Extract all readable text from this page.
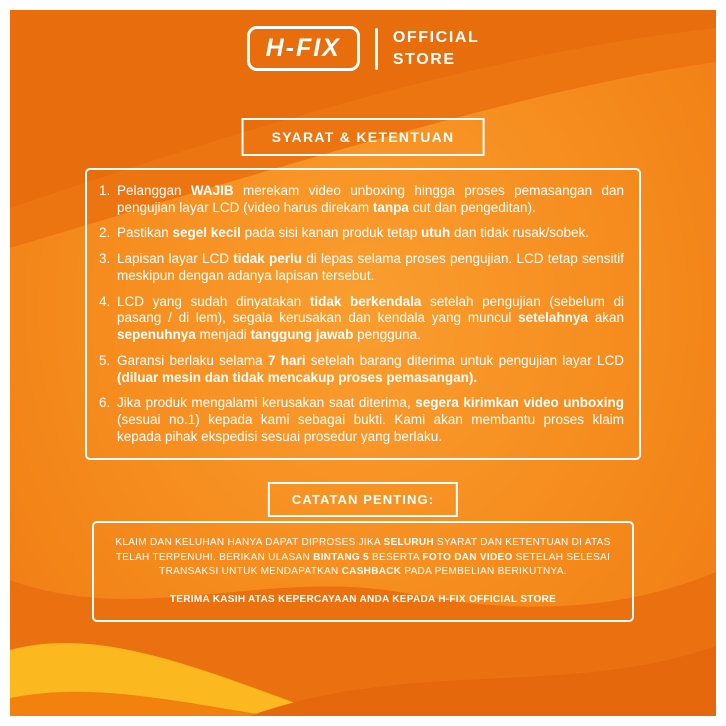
H-FIX	OFFICIAL
STORE
SYARAT & KETENTUAN
1. Pelanggan WAJIB merekam video unboxing hingga proses pemasangan dan pengujian layar LCD (video harus direkam tanpa cut dan pengeditan).

2. Pastikan segel kecil pada sisi kanan produk tetap utuh dan tidak rusak/sobek.

3. Lapisan layar LCD tidak perlu di lepas selama proses pengujian. LCD tetap sensitif meskipun dengan adanya lapisan tersebut.

4. LCD yang sudah dinyatakan tidak berkendala setelah pengujian (sebelum di pasang / di lem), segala kerusakan dan kendala yang muncul setelahnya akan sepenuhnya menjadi tanggung jawab pengguna.

5. Garansi berlaku selama 7 hari setelah barang diterima untuk pengujian layar LCD (diluar mesin dan tidak mencakup proses pemasangan).

6. Jika produk mengalami kerusakan saat diterima, segera kirimkan video unboxing (sesuai no.1) kepada kami sebagai bukti. Kami akan membantu proses klaim kepada pihak ekspedisi sesuai prosedur yang berlaku.

CATATAN PENTING:

KLAIM DAN KELUHAN HANYA DAPAT DIPROSES JIKA SELURUH SYARAT DAN KETENTUAN DI ATAS TELAH TERPENUHI. BERIKAN ULASAN BINTANG 5 BESERTA FOTO DAN VIDEO SETELAH SELESAI TRANSAKSI UNTUK MENDAPATKAN CASHBACK PADA PEMBELIAN BERIKUTNYA.

TERIMA KASIH ATAS KEPERCAYAAN ANDA KEPADA H-FIX OFFICIAL STORE
